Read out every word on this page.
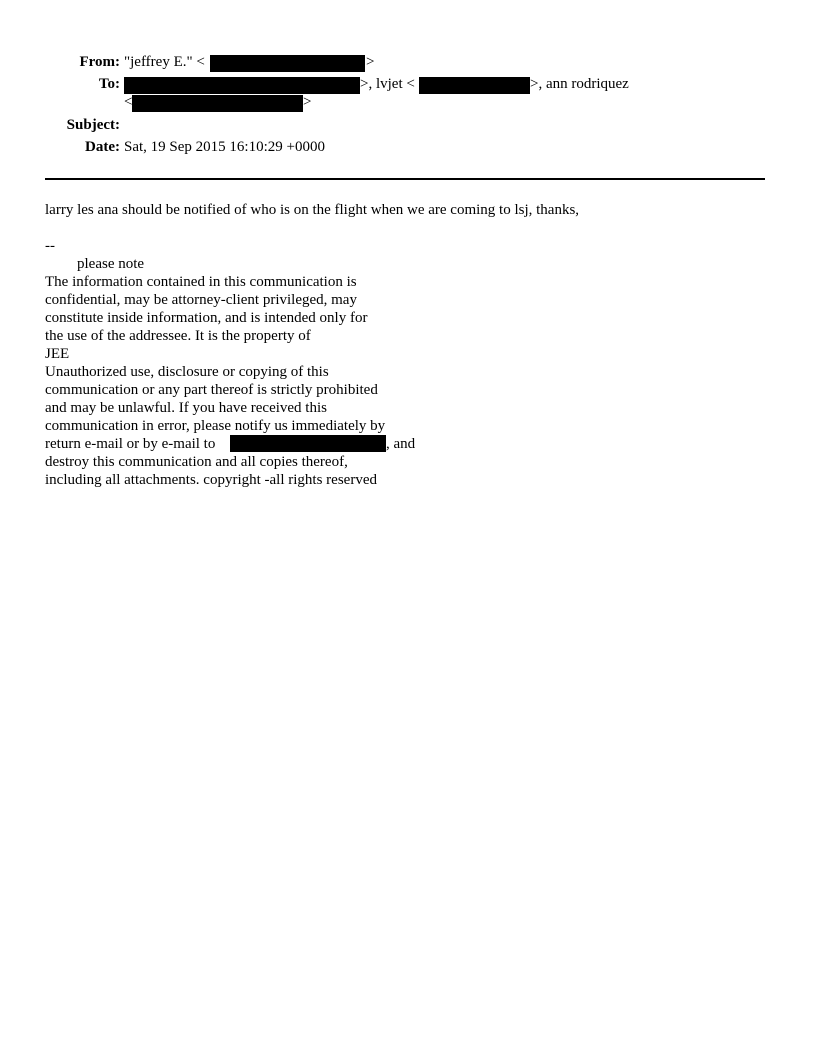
From: "jeffrey E." <	>
To:	>, lvjet <	>, ann rodriquez
<	>
Subject:
Date: Sat, 19 Sep 2015 16:10:29 +0000
larry les ana should be notified of who is on the flight when we are coming to lsj, thanks,
--
please note
The information contained in this communication is
confidential, may be attorney-client privileged, may
constitute inside information, and is intended only for
the use of the addressee. It is the property of
JEE
Unauthorized use, disclosure or copying of this
communication or any part thereof is strictly prohibited
and may be unlawful. If you have received this
communication in error, please notify us immediately by
return e-mail or by e-mail to	, and
destroy this communication and all copies thereof,
including all attachments. copyright -all rights reserved
